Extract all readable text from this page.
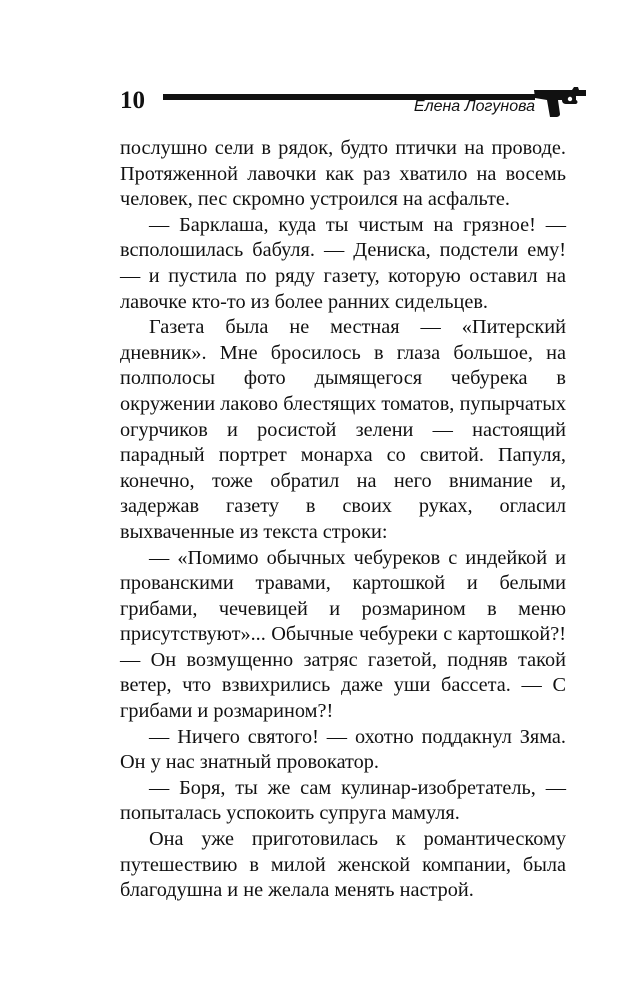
10	Елена Логунова

послушно сели в рядок, будто птички на проводе. Протяженной лавочки как раз хватило на восемь человек, пес скромно устроился на асфальте.

— Барклаша, куда ты чистым на грязное! — всполошилась бабуля. — Дениска, подстели ему! — и пустила по ряду газету, которую оставил на лавочке кто-то из более ранних сидельцев.

Газета была не местная — «Питерский дневник». Мне бросилось в глаза большое, на полполосы фото дымящегося чебурека в окружении лаково блестящих томатов, пупырчатых огурчиков и росистой зелени — настоящий парадный портрет монарха со свитой. Папуля, конечно, тоже обратил на него внимание и, задержав газету в своих руках, огласил выхваченные из текста строки:

— «Помимо обычных чебуреков с индейкой и прованскими травами, картошкой и белыми грибами, чечевицей и розмарином в меню присутствуют»... Обычные чебуреки с картошкой?! — Он возмущенно затряс газетой, подняв такой ветер, что взвихрились даже уши бассета. — С грибами и розмарином?!

— Ничего святого! — охотно поддакнул Зяма. Он у нас знатный провокатор.

— Боря, ты же сам кулинар-изобретатель, — попыталась успокоить супруга мамуля.

Она уже приготовилась к романтическому путешествию в милой женской компании, была благодушна и не желала менять настрой.
